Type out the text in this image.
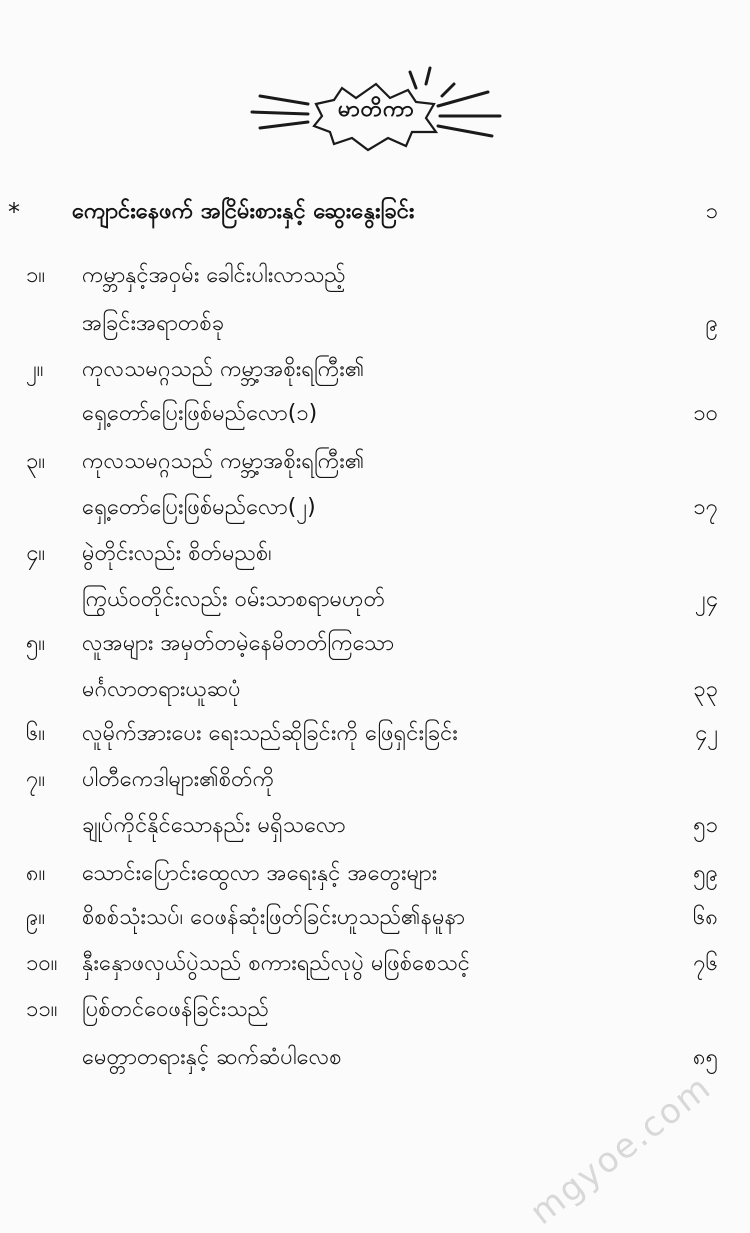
မာတိကာ
*	ကျောင်းနေဖက် အငြိမ်းစားနှင့် ဆွေးနွေးခြင်း	၁
၁။	ကမ္ဘာနှင့်အဝှမ်း ခေါင်းပါးလာသည့်
အခြင်းအရာတစ်ခု	၉
၂။	ကုလသမဂ္ဂသည် ကမ္ဘာ့အစိုးရကြီး၏
ရှေ့တော်ပြေးဖြစ်မည်လော(၁)	၁၀
၃။	ကုလသမဂ္ဂသည် ကမ္ဘာ့အစိုးရကြီး၏
ရှေ့တော်ပြေးဖြစ်မည်လော(၂)	၁၇
၄။	မွဲတိုင်းလည်း စိတ်မညစ်၊
ကြွယ်ဝတိုင်းလည်း ဝမ်းသာစရာမဟုတ်	၂၄
၅။	လူအများ အမှတ်တမဲ့နေမိတတ်ကြသော
မင်္ဂလာတရားယူဆပုံ	၃၃
၆။	လူမိုက်အားပေး ရေးသည်ဆိုခြင်းကို ဖြေရှင်းခြင်း	၄၂
၇။	ပါတီကေဒါများ၏စိတ်ကို
ချုပ်ကိုင်နိုင်သောနည်း မရှိသလော	၅၁
၈။	သောင်းပြောင်းထွေလာ အရေးနှင့် အတွေးများ	၅၉
၉။	စိစစ်သုံးသပ်၊ ဝေဖန်ဆုံးဖြတ်ခြင်းဟူသည်၏နမူနာ	၆၈
၁၀။	နှီးနှောဖလှယ်ပွဲသည် စကားရည်လုပွဲ မဖြစ်စေသင့်	၇၆
၁၁။	ပြစ်တင်ဝေဖန်ခြင်းသည်
မေတ္တာတရားနှင့် ဆက်ဆံပါလေစ	၈၅
mgyoe.com
